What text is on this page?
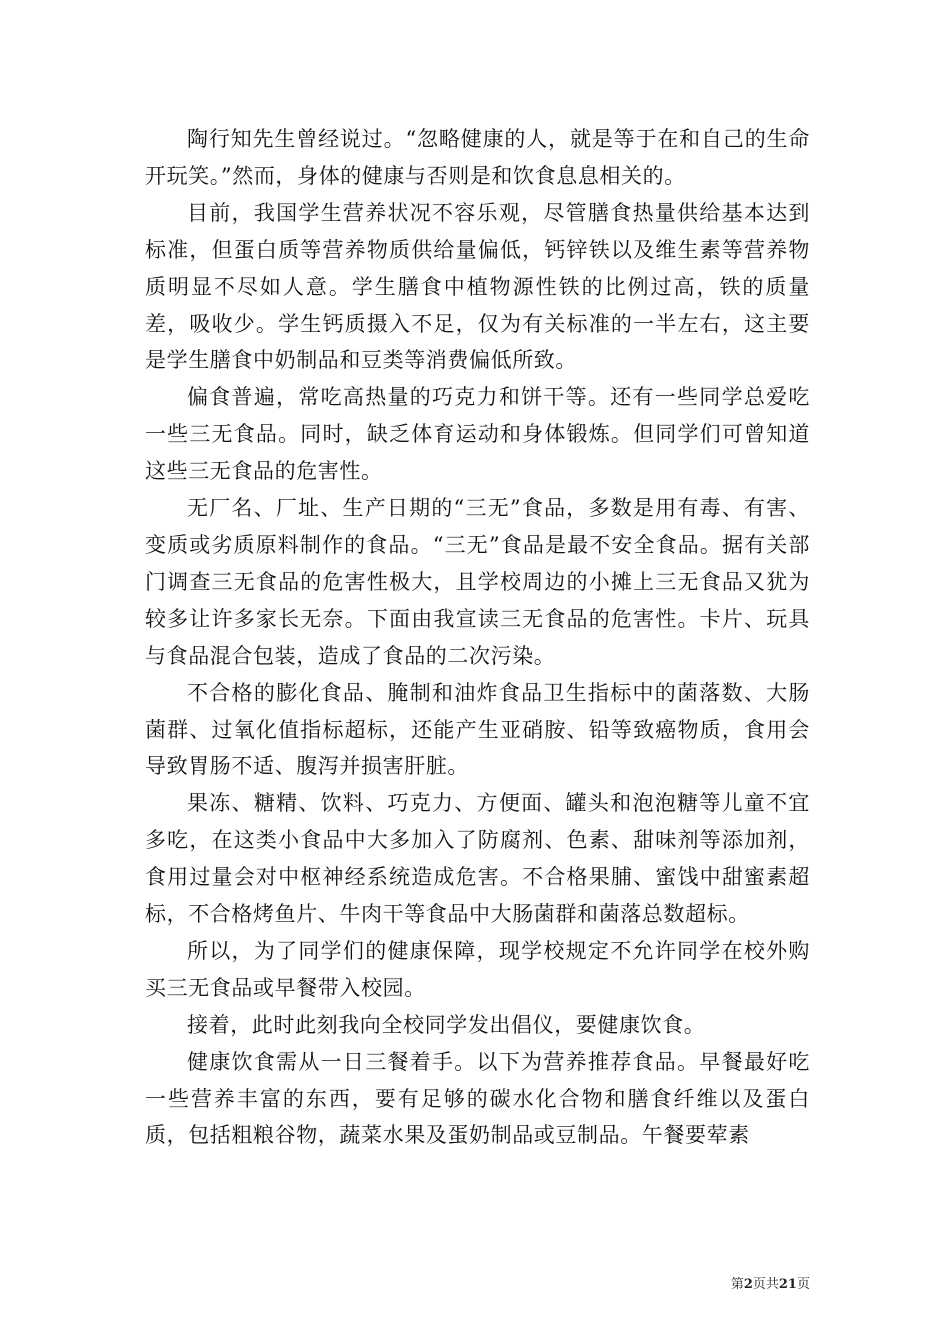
陶行知先生曾经说过。“忽略健康的人，就是等于在和自己的生命开玩笑。”然而，身体的健康与否则是和饮食息息相关的。

目前，我国学生营养状况不容乐观，尽管膳食热量供给基本达到标准，但蛋白质等营养物质供给量偏低，钙锌铁以及维生素等营养物质明显不尽如人意。学生膳食中植物源性铁的比例过高，铁的质量差，吸收少。学生钙质摄入不足，仅为有关标准的一半左右，这主要是学生膳食中奶制品和豆类等消费偏低所致。

偏食普遍，常吃高热量的巧克力和饼干等。还有一些同学总爱吃一些三无食品。同时，缺乏体育运动和身体锻炼。但同学们可曾知道这些三无食品的危害性。

无厂名、厂址、生产日期的“三无”食品，多数是用有毒、有害、变质或劣质原料制作的食品。“三无”食品是最不安全食品。据有关部门调查三无食品的危害性极大，且学校周边的小摊上三无食品又犹为较多让许多家长无奈。下面由我宣读三无食品的危害性。卡片、玩具与食品混合包装，造成了食品的二次污染。

不合格的膨化食品、腌制和油炸食品卫生指标中的菌落数、大肠菌群、过氧化值指标超标，还能产生亚硝胺、铅等致癌物质，食用会导致胃肠不适、腹泻并损害肝脏。

果冻、糖精、饮料、巧克力、方便面、罐头和泡泡糖等儿童不宜多吃，在这类小食品中大多加入了防腐剂、色素、甜味剂等添加剂，食用过量会对中枢神经系统造成危害。不合格果脯、蜜饯中甜蜜素超标，不合格烤鱼片、牛肉干等食品中大肠菌群和菌落总数超标。

所以，为了同学们的健康保障，现学校规定不允许同学在校外购买三无食品或早餐带入校园。

接着，此时此刻我向全校同学发出倡仪，要健康饮食。

健康饮食需从一日三餐着手。以下为营养推荐食品。早餐最好吃一些营养丰富的东西，要有足够的碳水化合物和膳食纤维以及蛋白质，包括粗粮谷物，蔬菜水果及蛋奶制品或豆制品。午餐要荤素

第2页共21页
